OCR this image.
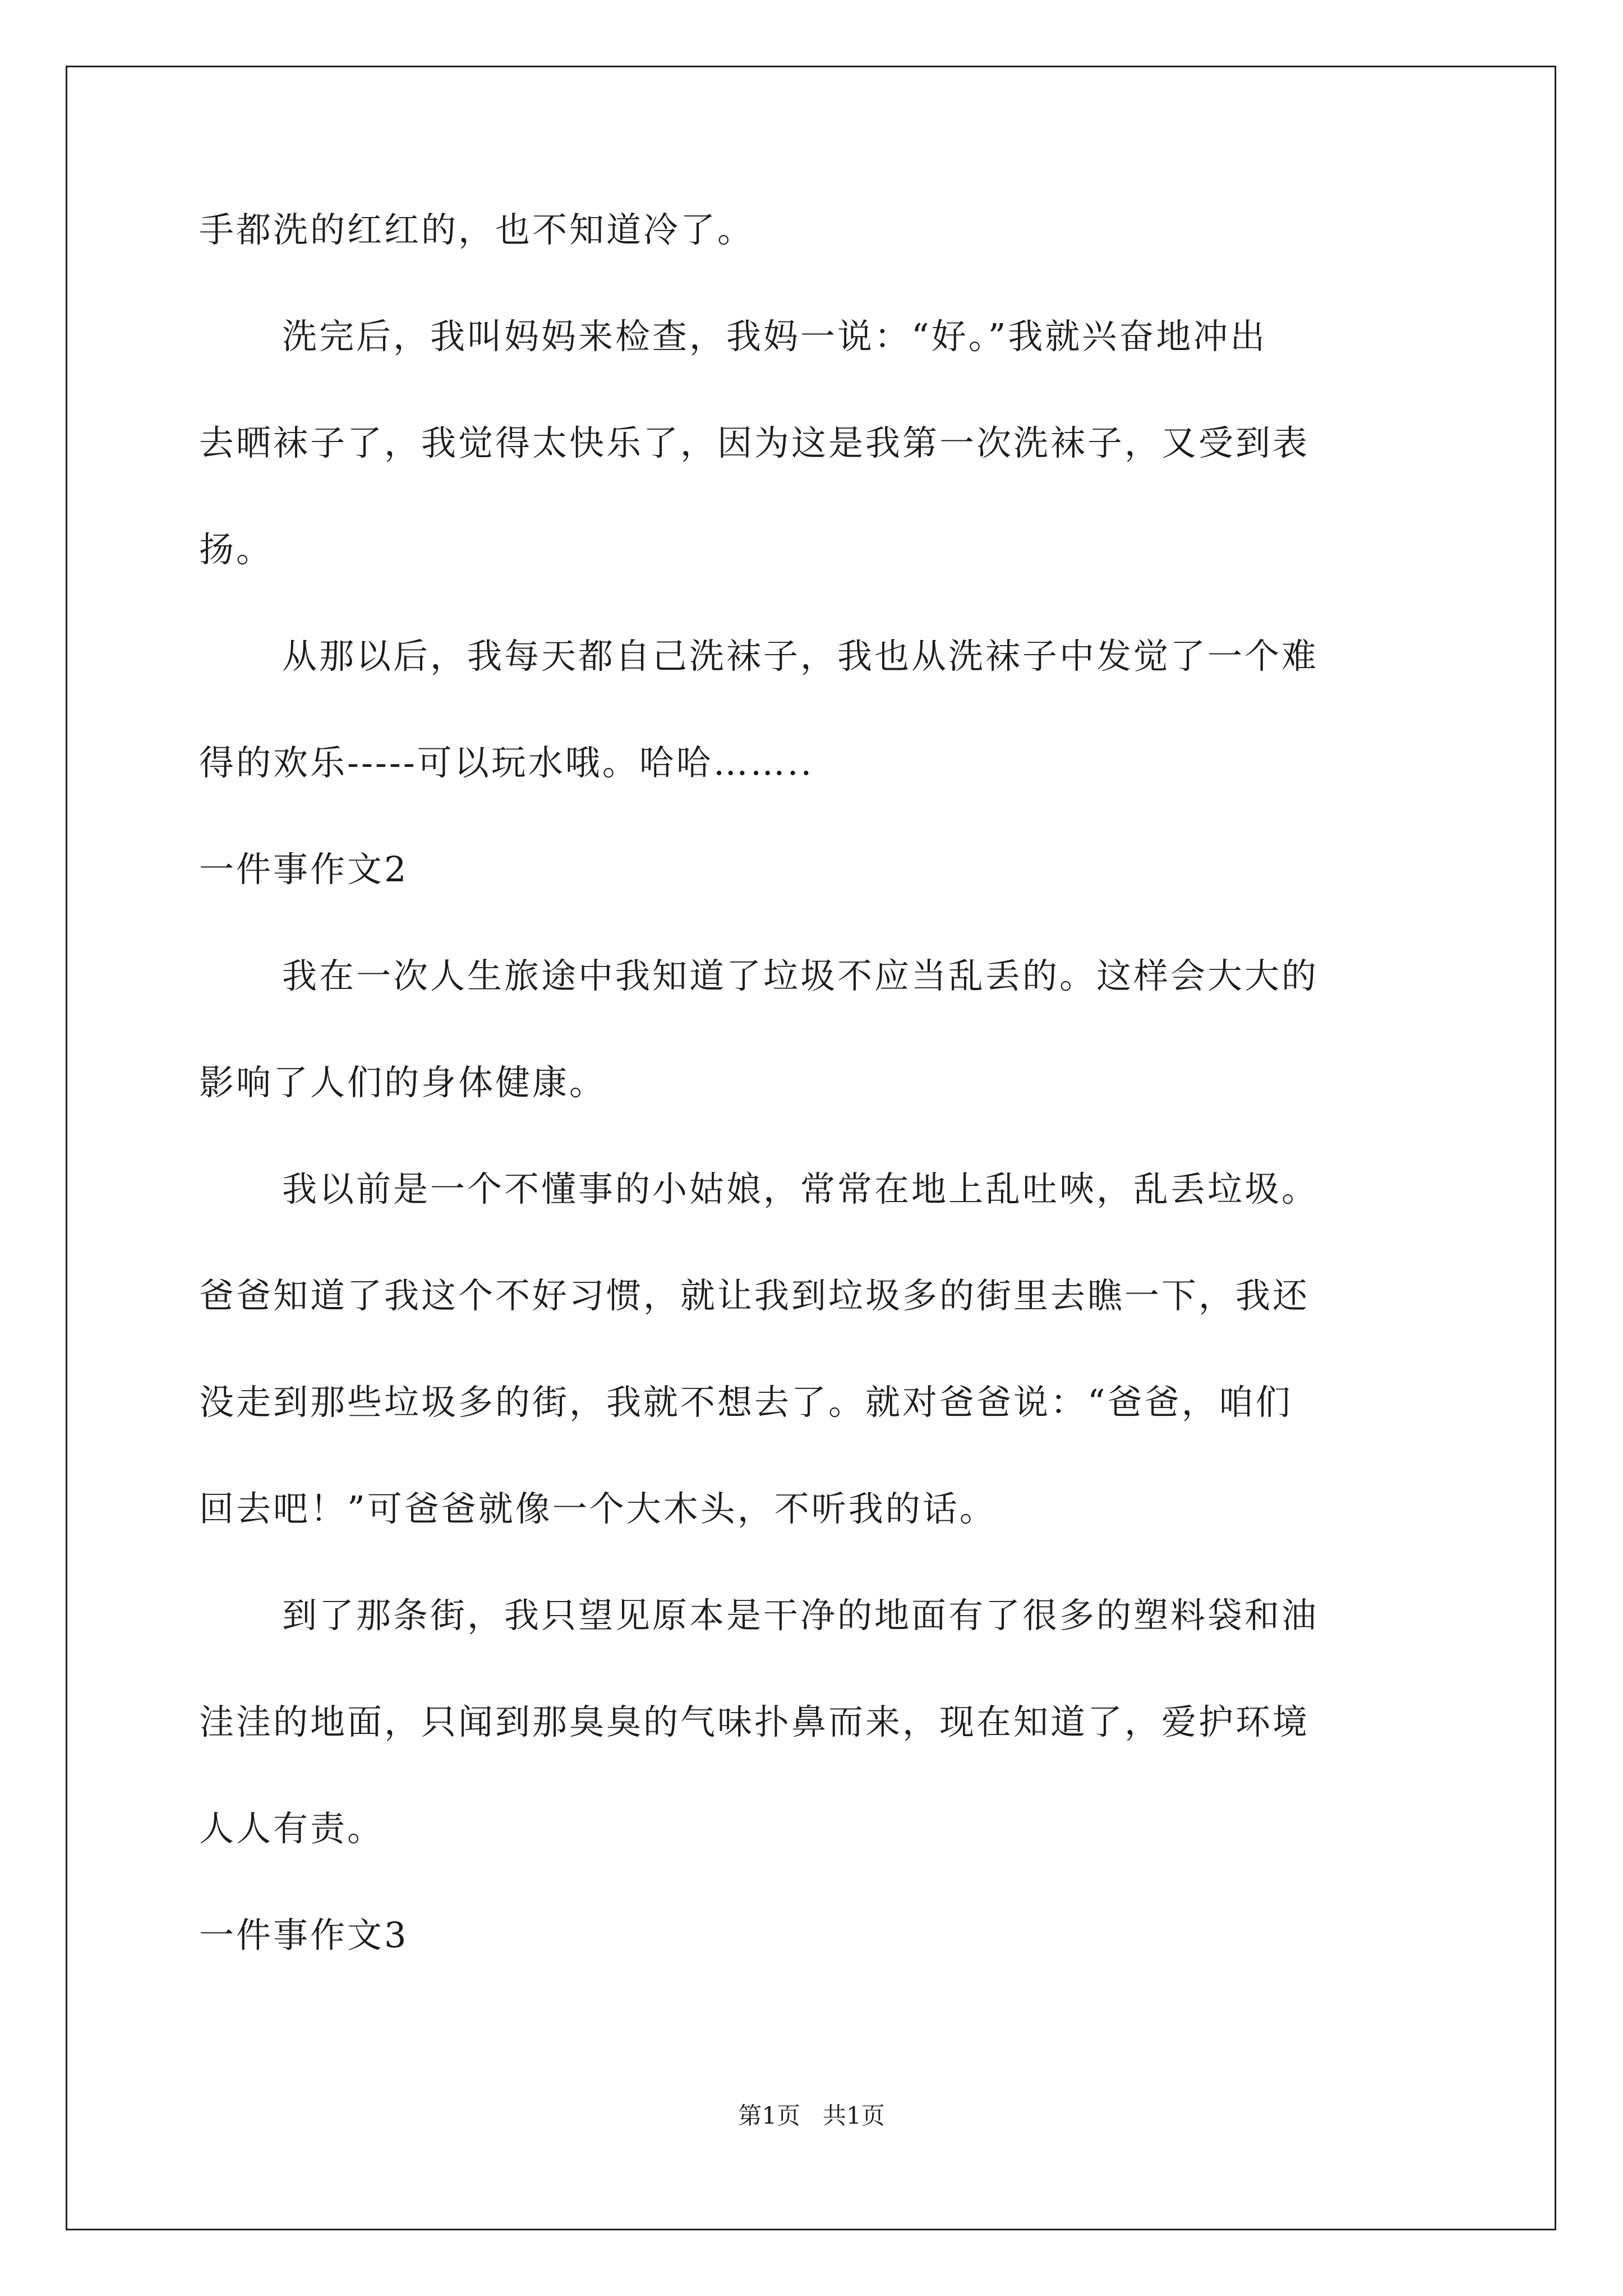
手都洗的红红的，也不知道冷了。
洗完后，我叫妈妈来检查，我妈一说：“好。”我就兴奋地冲出
去晒袜子了，我觉得太快乐了，因为这是我第一次洗袜子，又受到表
扬。
从那以后，我每天都自己洗袜子，我也从洗袜子中发觉了一个难
得的欢乐-----可以玩水哦。哈哈……..
一件事作文2
我在一次人生旅途中我知道了垃圾不应当乱丢的。这样会大大的
影响了人们的身体健康。
我以前是一个不懂事的小姑娘，常常在地上乱吐唊，乱丢垃圾。
爸爸知道了我这个不好习惯，就让我到垃圾多的街里去瞧一下，我还
没走到那些垃圾多的街，我就不想去了。就对爸爸说：“爸爸，咱们
回去吧！”可爸爸就像一个大木头，不听我的话。
到了那条街，我只望见原本是干净的地面有了很多的塑料袋和油
洼洼的地面，只闻到那臭臭的气味扑鼻而来，现在知道了，爱护环境
人人有责。
一件事作文3
第1页   共1页
